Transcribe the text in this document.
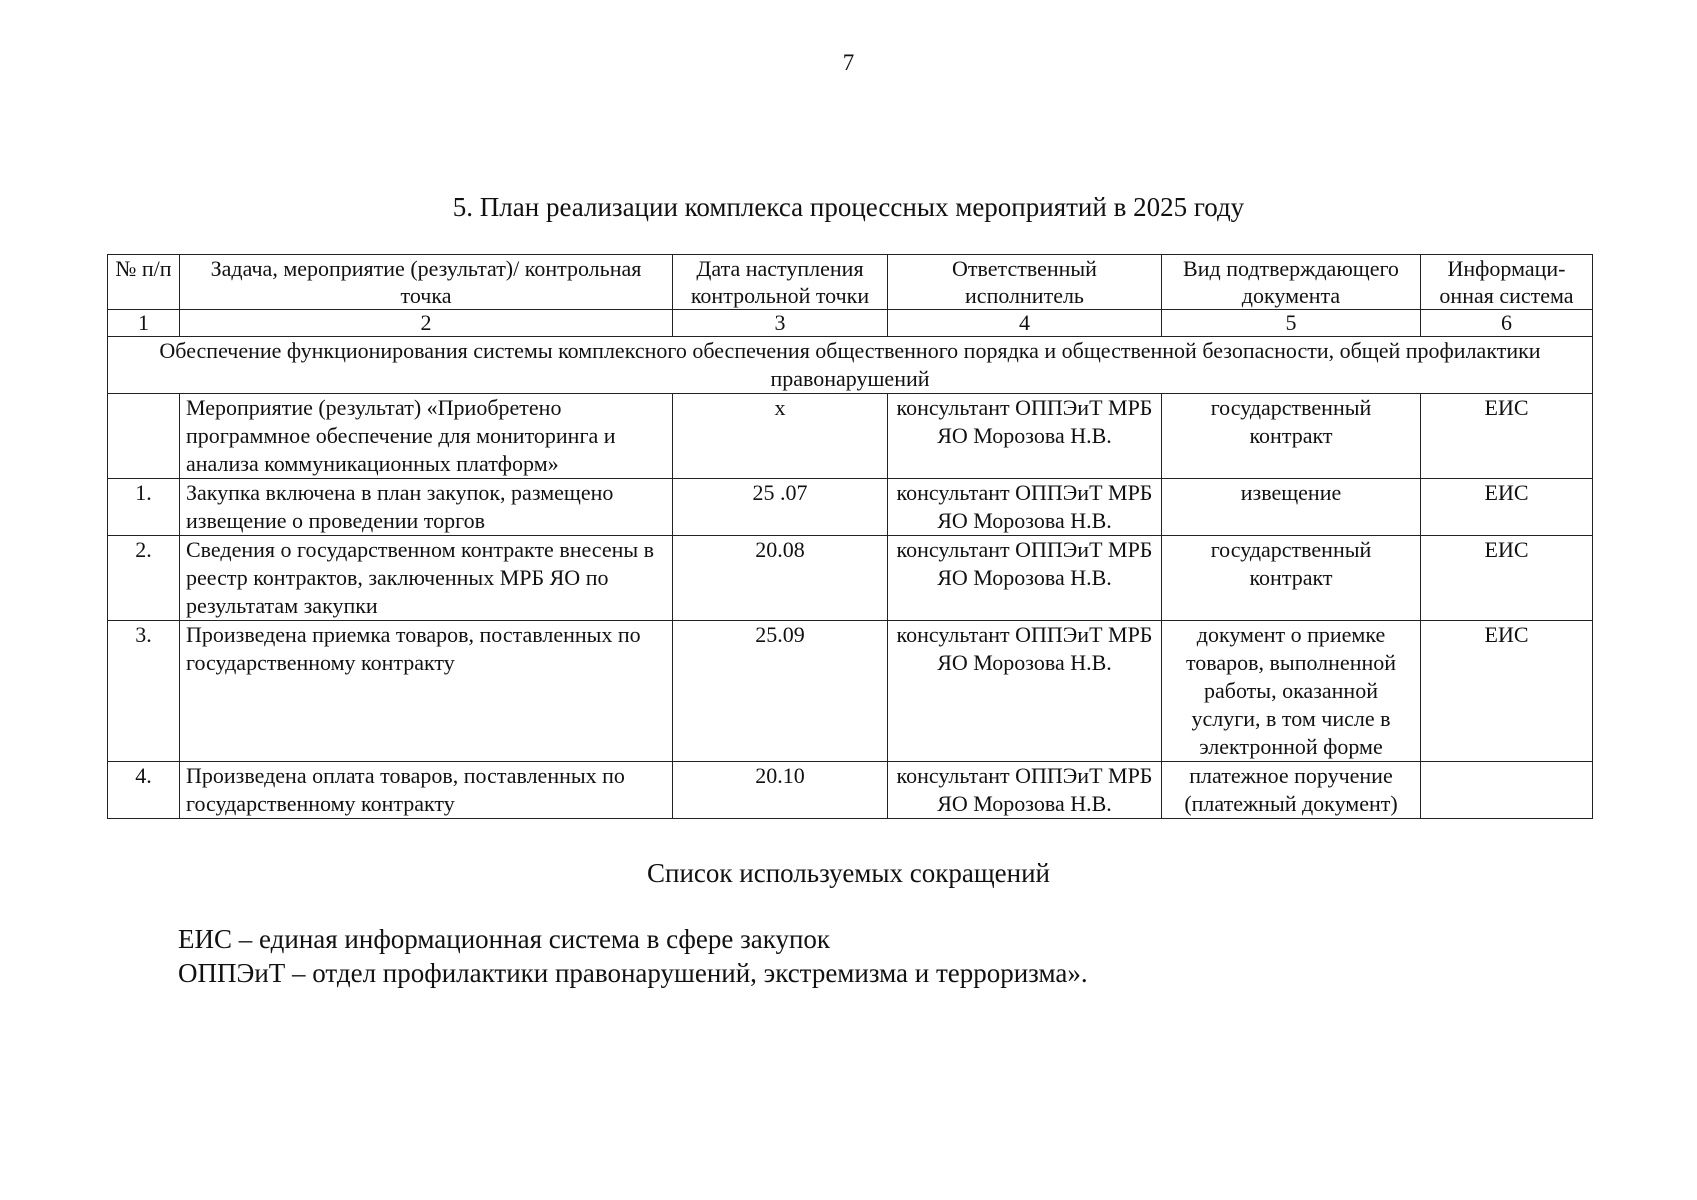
7
5. План реализации комплекса процессных мероприятий в 2025 году
№ п/п	Задача, мероприятие (результат)/ контрольная точка	Дата наступления контрольной точки	Ответственный исполнитель	Вид подтверждающего документа	Информаци-онная система
1	2	3	4	5	6
Обеспечение функционирования системы комплексного обеспечения общественного порядка и общественной безопасности, общей профилактики правонарушений					
	Мероприятие (результат) «Приобретено программное обеспечение для мониторинга и анализа коммуникационных платформ»	х	консультант ОППЭиТ МРБ ЯО Морозова Н.В.	государственный контракт	ЕИС
1.	Закупка включена в план закупок, размещено извещение о проведении торгов	25 .07	консультант ОППЭиТ МРБ ЯО Морозова Н.В.	извещение	ЕИС
2.	Сведения о государственном контракте внесены в реестр контрактов, заключенных МРБ ЯО по результатам закупки	20.08	консультант ОППЭиТ МРБ ЯО Морозова Н.В.	государственный контракт	ЕИС
3.	Произведена приемка товаров, поставленных по государственному контракту	25.09	консультант ОППЭиТ МРБ ЯО Морозова Н.В.	документ о приемке товаров, выполненной работы, оказанной услуги, в том числе в электронной форме	ЕИС
4.	Произведена оплата товаров, поставленных по государственному контракту	20.10	консультант ОППЭиТ МРБ ЯО Морозова Н.В.	платежное поручение (платежный документ)	
Список используемых сокращений
ЕИС – единая информационная система в сфере закупок
ОППЭиТ – отдел профилактики правонарушений, экстремизма и терроризма».
